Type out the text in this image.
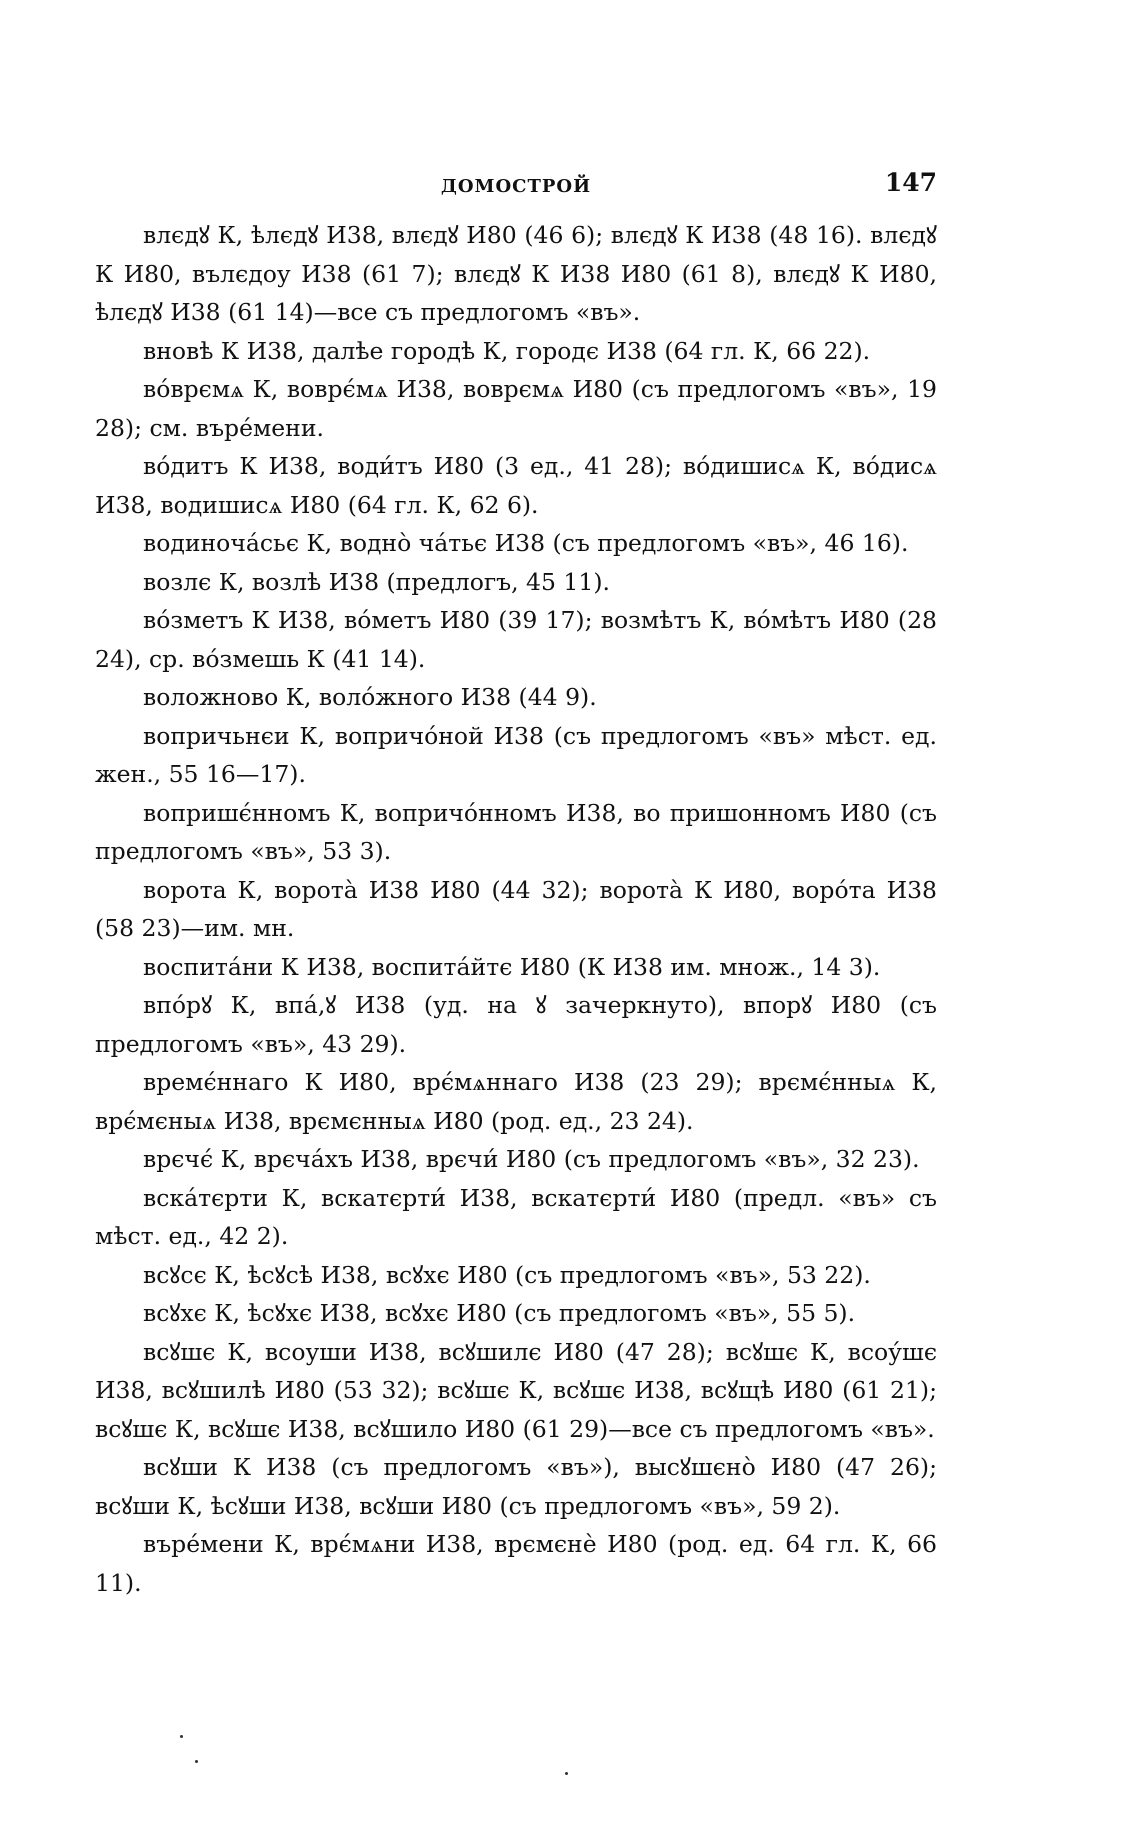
ДОМОСТРОЙ	147

влєдꙋ К, ѣлєдꙋ И38, влєдꙋ И80 (46 6); влєдꙋ К И38 (48 16). влєдꙋ К И80, вълєдоу И38 (61 7); влєдꙋ К И38 И80 (61 8), влєдꙋ К И80, ѣлєдꙋ И38 (61 14)—все съ предлогомъ «въ».

вновѣ К И38, далѣе городѣ К, городє И38 (64 гл. К, 66 22).

во́врємѧ К, воврє́мѧ И38, воврємѧ И80 (съ предлогомъ «въ», 19 28); см. въре́мени.

во́дитъ К И38, води́тъ И80 (3 ед., 41 28); во́дишисѧ К, во́дисѧ И38, водишисѧ И80 (64 гл. К, 62 6).

водиноча́сьє К, водно̀ ча́тьє И38 (съ предлогомъ «въ», 46 16).

возлє К, возлѣ И38 (предлогъ, 45 11).

во́зметъ К И38, во́метъ И80 (39 17); возмѣтъ К, во́мѣтъ И80 (28 24), ср. во́змешь К (41 14).

воложново К, воло́жного И38 (44 9).

вопричьнєи К, вопричо́ной И38 (съ предлогомъ «въ» мѣст. ед. жен., 55 16—17).

вопришє́нномъ К, вопричо́нномъ И38, во пришонномъ И80 (съ предлогомъ «въ», 53 3).

ворота К, воротà И38 И80 (44 32); воротà К И80, воро́та И38 (58 23)—им. мн.

воспита́ни К И38, воспита́йтє И80 (К И38 им. множ., 14 3).

впо́рꙋ К, впа́,ꙋ И38 (уд. на ꙋ зачеркнуто), впорꙋ И80 (съ предлогомъ «въ», 43 29).

времє́ннаго К И80, врє́мѧннаго И38 (23 29); врємє́нныѧ К, врє́мєныѧ И38, врємєнныѧ И80 (род. ед., 23 24).

врєчє́ К, врєча́хъ И38, врєчи́ И80 (съ предлогомъ «въ», 32 23).

вска́тєрти К, вскатєрти́ И38, вскатєрти́ И80 (предл. «въ» съ мѣст. ед., 42 2).

всꙋсє К, ѣсꙋсѣ И38, всꙋхє И80 (съ предлогомъ «въ», 53 22).

всꙋхє К, ѣсꙋхє И38, всꙋхє И80 (съ предлогомъ «въ», 55 5).

всꙋшє К, всоуши И38, всꙋшилє И80 (47 28); всꙋшє К, всоу́шє И38, всꙋшилѣ И80 (53 32); всꙋшє К, всꙋшє И38, всꙋщѣ И80 (61 21); всꙋшє К, всꙋшє И38, всꙋшило И80 (61 29)—все съ предлогомъ «въ».

всꙋши К И38 (съ предлогомъ «въ»), высꙋшєно̀ И80 (47 26); всꙋши К, ѣсꙋши И38, всꙋши И80 (съ предлогомъ «въ», 59 2).

въре́мени К, врє́мѧни И38, врємєнѐ И80 (род. ед. 64 гл. К, 66 11).
